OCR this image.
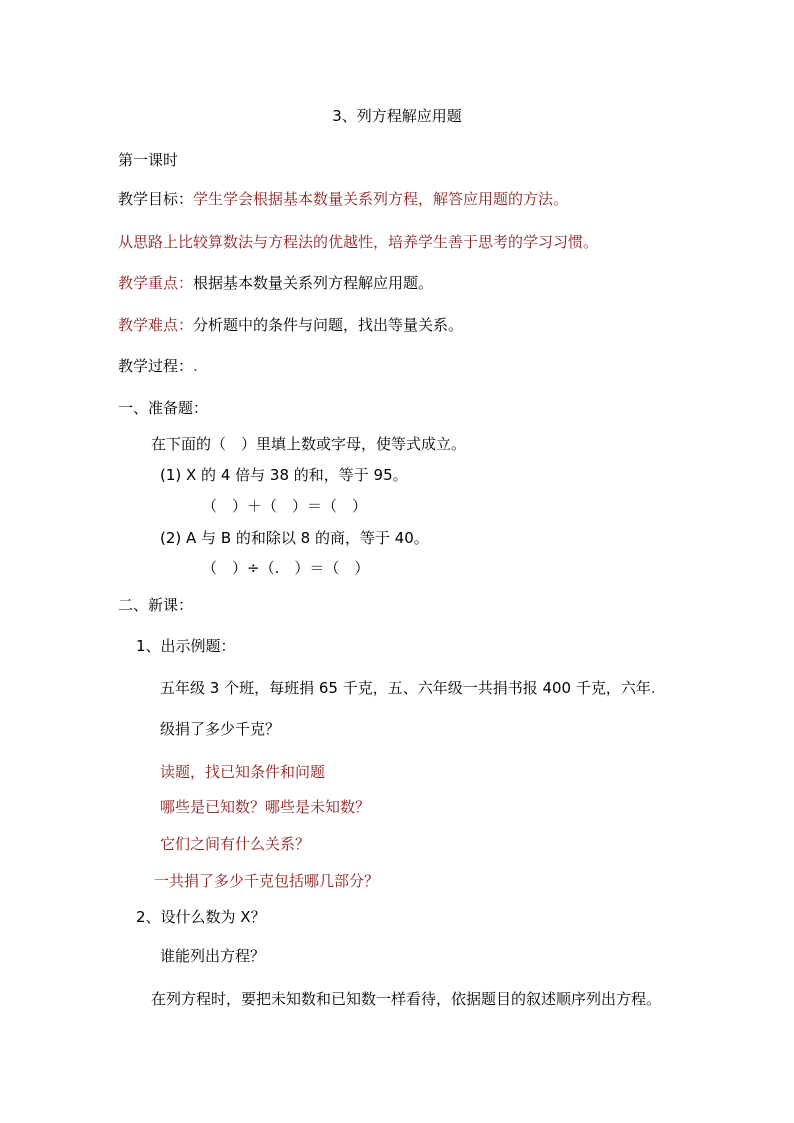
3、列方程解应用题
第一课时
教学目标：学生学会根据基本数量关系列方程，解答应用题的方法。
从思路上比较算数法与方程法的优越性，培养学生善于思考的学习习惯。
教学重点：根据基本数量关系列方程解应用题。
教学难点：分析题中的条件与问题，找出等量关系。
教学过程：.
一、准备题：
在下面的（　）里填上数或字母，使等式成立。
(1) X 的 4 倍与 38 的和，等于 95。
（　）＋（　）＝（　）
(2) A 与 B 的和除以 8 的商，等于 40。
（　）÷（.　）＝（　）
二、新课：
1、出示例题：
五年级 3 个班，每班捐 65 千克，五、六年级一共捐书报 400 千克，六年.
级捐了多少千克？
读题，找已知条件和问题
哪些是已知数？哪些是未知数？
它们之间有什么关系？
一共捐了多少千克包括哪几部分？
2、设什么数为 X？
谁能列出方程？
在列方程时，要把未知数和已知数一样看待，依据题目的叙述顺序列出方程。
